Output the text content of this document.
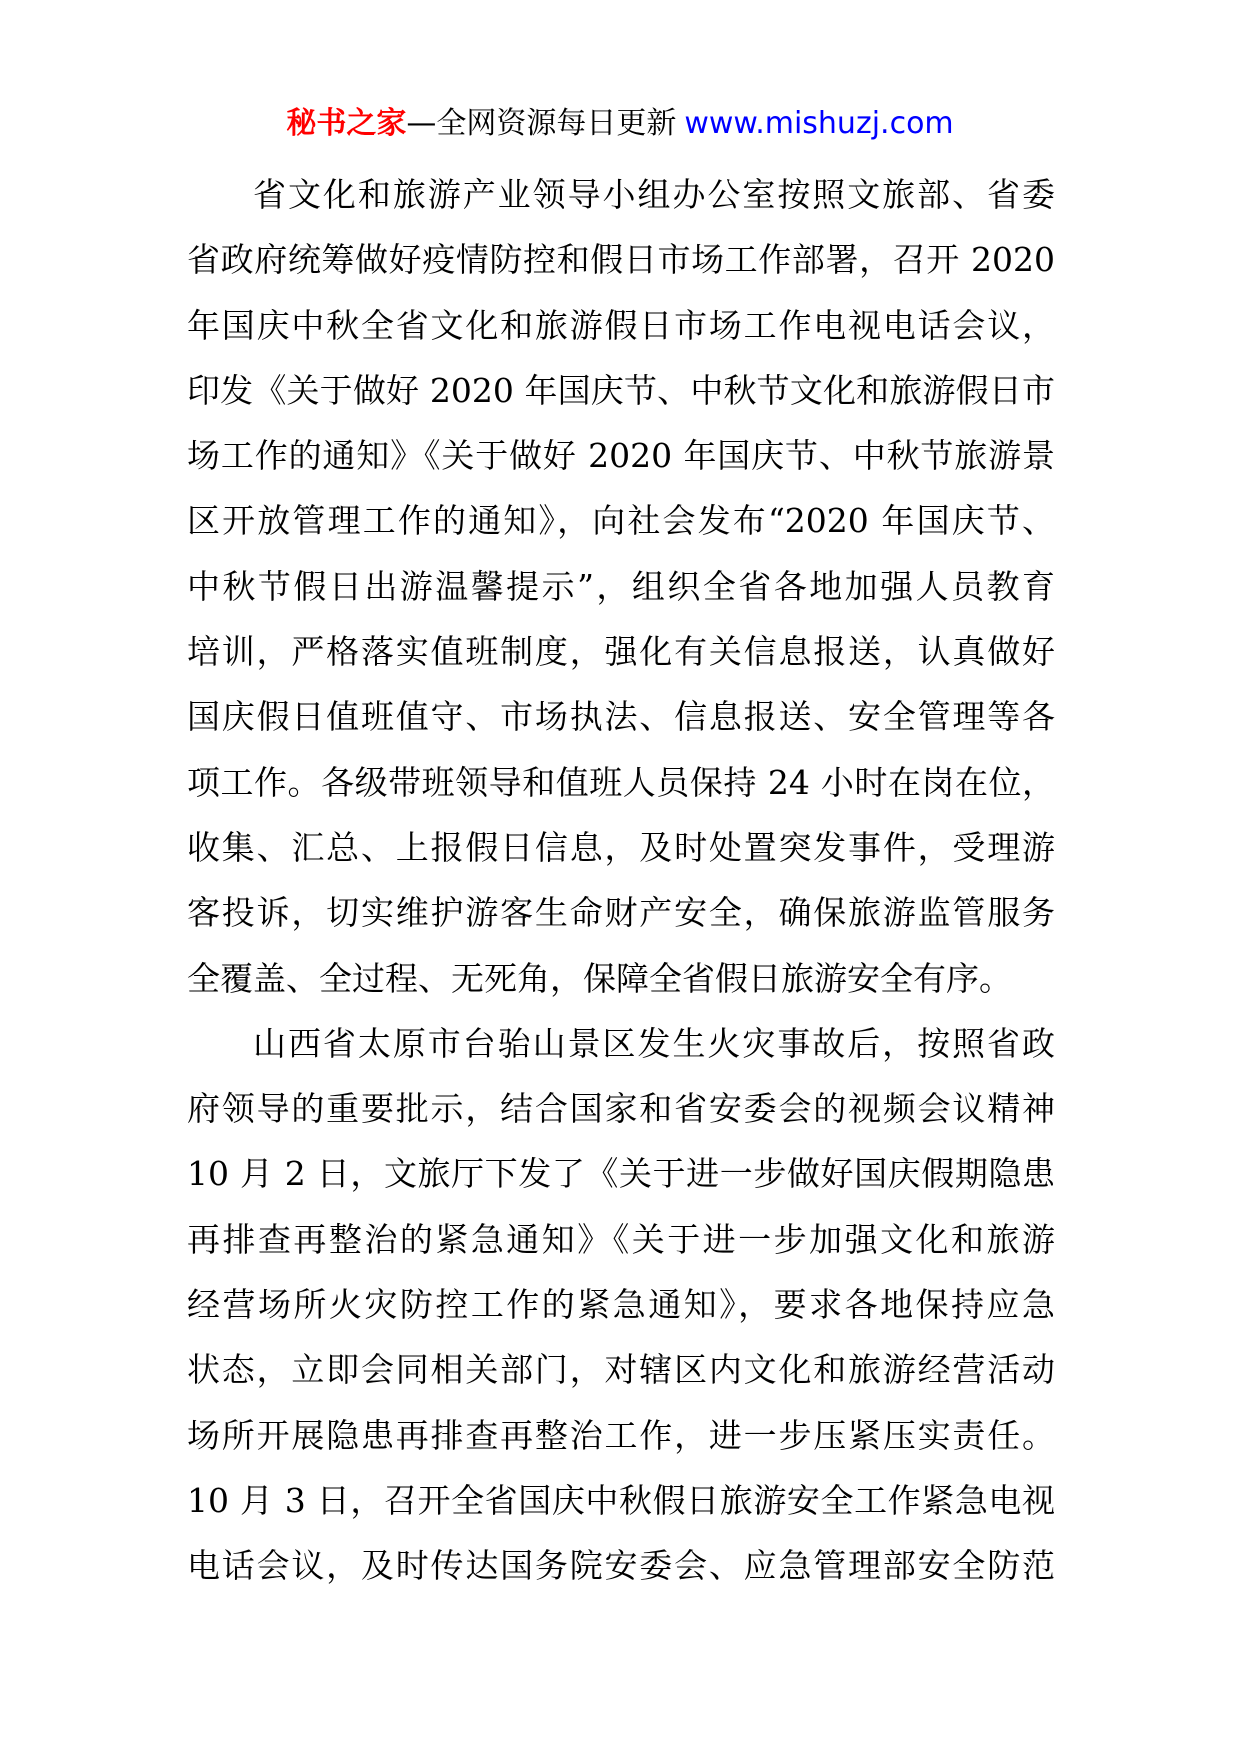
秘书之家—全网资源每日更新 www.mishuzj.com
省文化和旅游产业领导小组办公室按照文旅部、省委
省政府统筹做好疫情防控和假日市场工作部署，召开 2020
年国庆中秋全省文化和旅游假日市场工作电视电话会议，
印发《关于做好 2020 年国庆节、中秋节文化和旅游假日市
场工作的通知》《关于做好 2020 年国庆节、中秋节旅游景
区开放管理工作的通知》，向社会发布“2020 年国庆节、
中秋节假日出游温馨提示”，组织全省各地加强人员教育
培训，严格落实值班制度，强化有关信息报送，认真做好
国庆假日值班值守、市场执法、信息报送、安全管理等各
项工作。各级带班领导和值班人员保持 24 小时在岗在位，
收集、汇总、上报假日信息，及时处置突发事件，受理游
客投诉，切实维护游客生命财产安全，确保旅游监管服务
全覆盖、全过程、无死角，保障全省假日旅游安全有序。
山西省太原市台骀山景区发生火灾事故后，按照省政
府领导的重要批示，结合国家和省安委会的视频会议精神
10 月 2 日，文旅厅下发了《关于进一步做好国庆假期隐患
再排查再整治的紧急通知》《关于进一步加强文化和旅游
经营场所火灾防控工作的紧急通知》，要求各地保持应急
状态，立即会同相关部门，对辖区内文化和旅游经营活动
场所开展隐患再排查再整治工作，进一步压紧压实责任。
10 月 3 日，召开全省国庆中秋假日旅游安全工作紧急电视
电话会议，及时传达国务院安委会、应急管理部安全防范
